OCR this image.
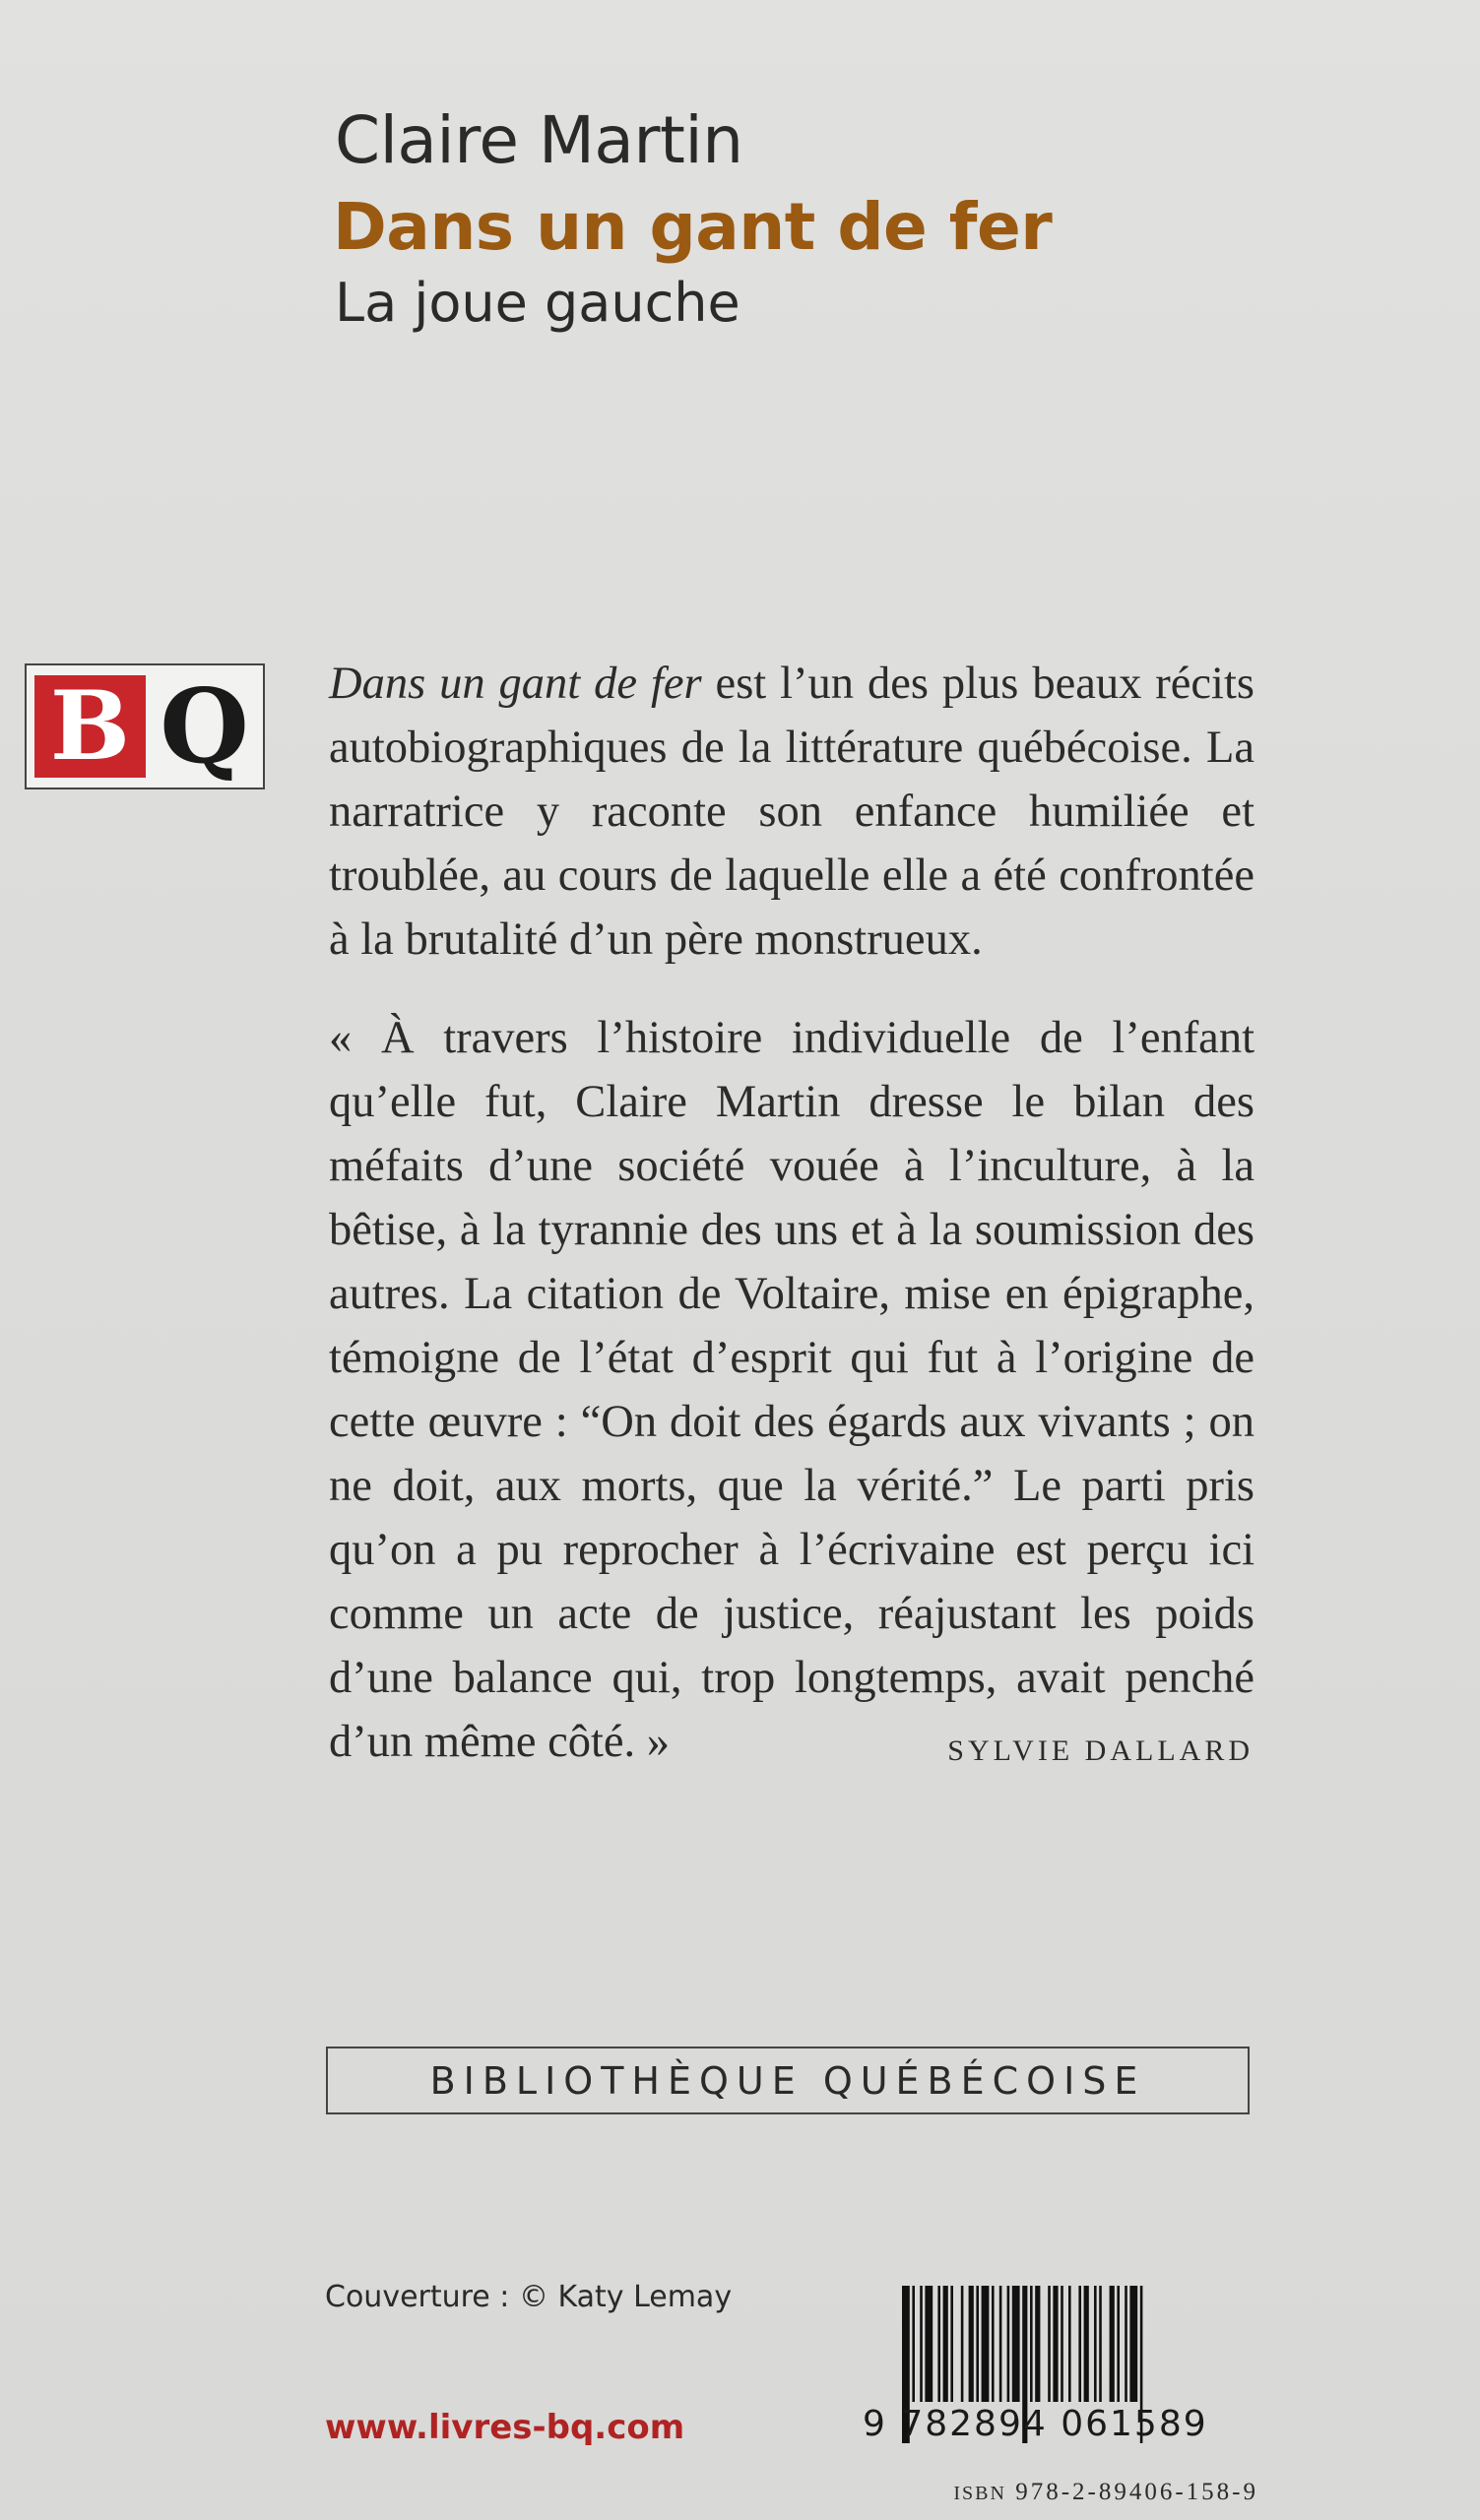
Claire Martin
Dans un gant de fer
La joue gauche
B Q	Dans un gant de fer est l’un des plus beaux récits autobiographiques de la littérature québécoise. La narratrice y raconte son enfance humiliée et troublée, au cours de laquelle elle a été confrontée à la brutalité d’un père monstrueux.

« À travers l’histoire individuelle de l’enfant qu’elle fut, Claire Martin dresse le bilan des méfaits d’une société vouée à l’inculture, à la bêtise, à la tyrannie des uns et à la soumission des autres. La citation de Voltaire, mise en épigraphe, témoigne de l’état d’esprit qui fut à l’origine de cette œuvre : “On doit des égards aux vivants ; on ne doit, aux morts, que la vérité.” Le parti pris qu’on a pu reprocher à l’écrivaine est perçu ici comme un acte de justice, réajustant les poids d’une balance qui, trop longtemps, avait penché d’un même côté. »	SYLVIE DALLARD
BIBLIOTHÈQUE QUÉBÉCOISE
Couverture : © Katy Lemay
www.livres-bq.com	9 782894 061589
ISBN 978-2-89406-158-9
